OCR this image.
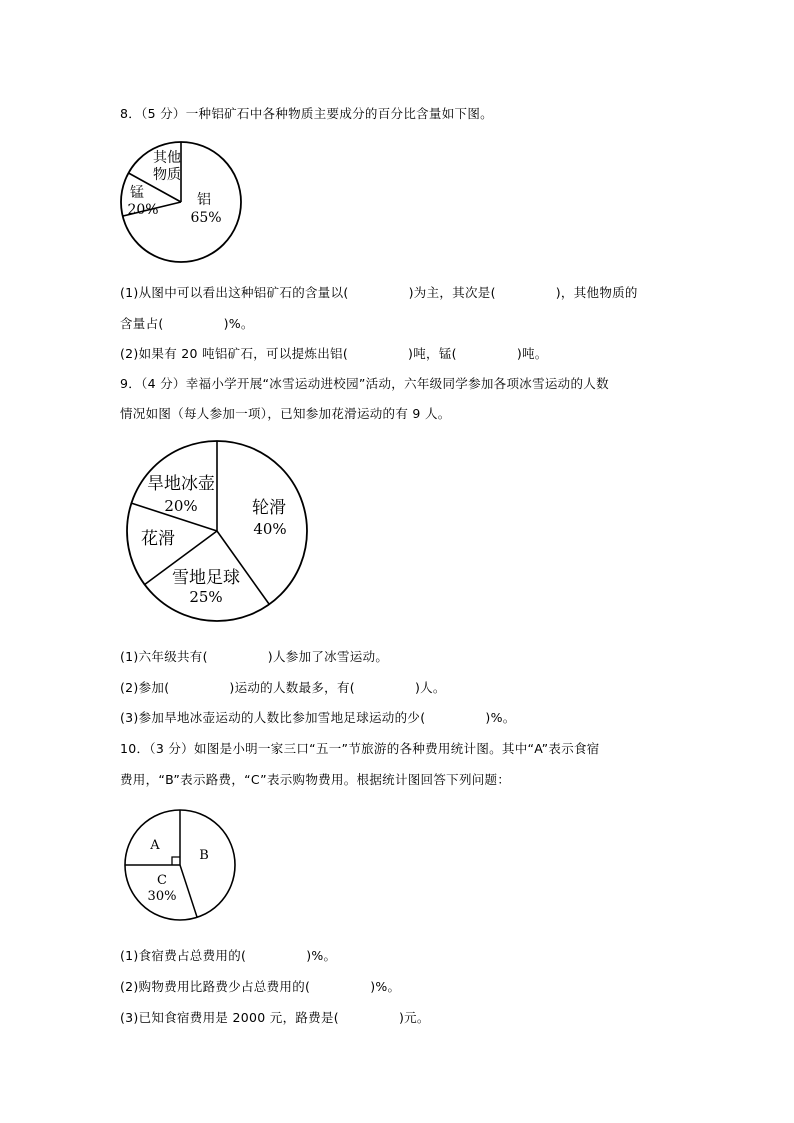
8．（5 分）一种铝矿石中各种物质主要成分的百分比含量如下图。
其他
物质
锰
20%
铝
65%
(1)从图中可以看出这种铝矿石的含量以(	)为主，其次是(	)，其他物质的
含量占(	)%。
(2)如果有 20 吨铝矿石，可以提炼出铝(	)吨，锰(	)吨。
9．（4 分）幸福小学开展“冰雪运动进校园”活动，六年级同学参加各项冰雪运动的人数
情况如图（每人参加一项），已知参加花滑运动的有 9 人。
旱地冰壶
20%	轮滑
40%
花滑
雪地足球
25%
(1)六年级共有(	)人参加了冰雪运动。
(2)参加(	)运动的人数最多，有(	)人。
(3)参加旱地冰壶运动的人数比参加雪地足球运动的少(	)%。
10．（3 分）如图是小明一家三口“五一”节旅游的各种费用统计图。其中“A”表示食宿
费用，“B”表示路费，“C”表示购物费用。根据统计图回答下列问题：
A
B
C
30%
(1)食宿费占总费用的(	)%。
(2)购物费用比路费少占总费用的(	)%。
(3)已知食宿费用是 2000 元，路费是(	)元。
